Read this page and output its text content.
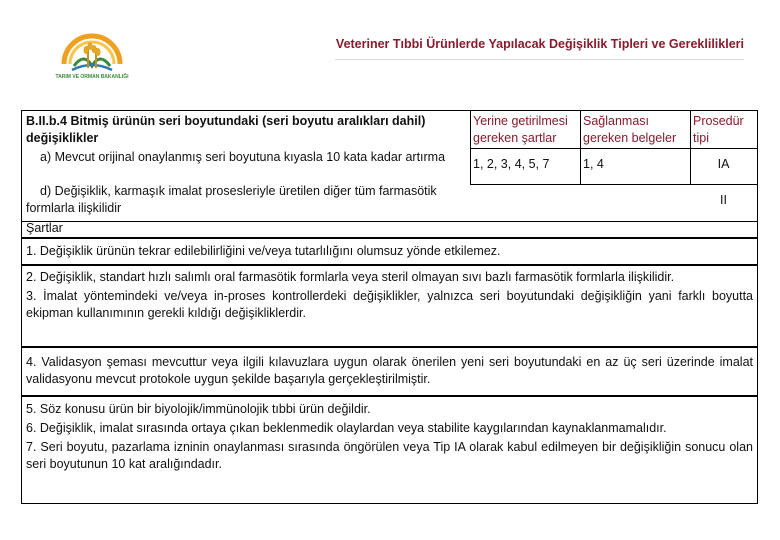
TARIM VE ORMAN BAKANLIĞI
Veteriner Tıbbi Ürünlerde Yapılacak Değişiklik Tipleri ve Gereklilikleri
B.II.b.4 Bitmiş ürünün seri boyutundaki (seri boyutu aralıkları dahil) değişiklikler
a) Mevcut orijinal onaylanmış seri boyutuna kıyasla 10 kata kadar artırma
d) Değişiklik, karmaşık imalat prosesleriyle üretilen diğer tüm farmasötik formlarla ilişkilidir
Şartlar
Yerine getirilmesi gereken şartlar
Sağlanması gereken belgeler
Prosedür tipi
1, 2, 3, 4, 5, 7	1, 4	IA
II
1. Değişiklik ürünün tekrar edilebilirliğini ve/veya tutarlılığını olumsuz yönde etkilemez.
2. Değişiklik, standart hızlı salımlı oral farmasötik formlarla veya steril olmayan sıvı bazlı farmasötik formlarla ilişkilidir.
3. İmalat yöntemindeki ve/veya in-proses kontrollerdeki değişiklikler, yalnızca seri boyutundaki değişikliğin yani farklı boyutta ekipman kullanımının gerekli kıldığı değişikliklerdir.
4. Validasyon şeması mevcuttur veya ilgili kılavuzlara uygun olarak önerilen yeni seri boyutundaki en az üç seri üzerinde imalat validasyonu mevcut protokole uygun şekilde başarıyla gerçekleştirilmiştir.
5. Söz konusu ürün bir biyolojik/immünolojik tıbbi ürün değildir.
6. Değişiklik, imalat sırasında ortaya çıkan beklenmedik olaylardan veya stabilite kaygılarından kaynaklanmamalıdır.
7. Seri boyutu, pazarlama izninin onaylanması sırasında öngörülen veya Tip IA olarak kabul edilmeyen bir değişikliğin sonucu olan seri boyutunun 10 kat aralığındadır.
